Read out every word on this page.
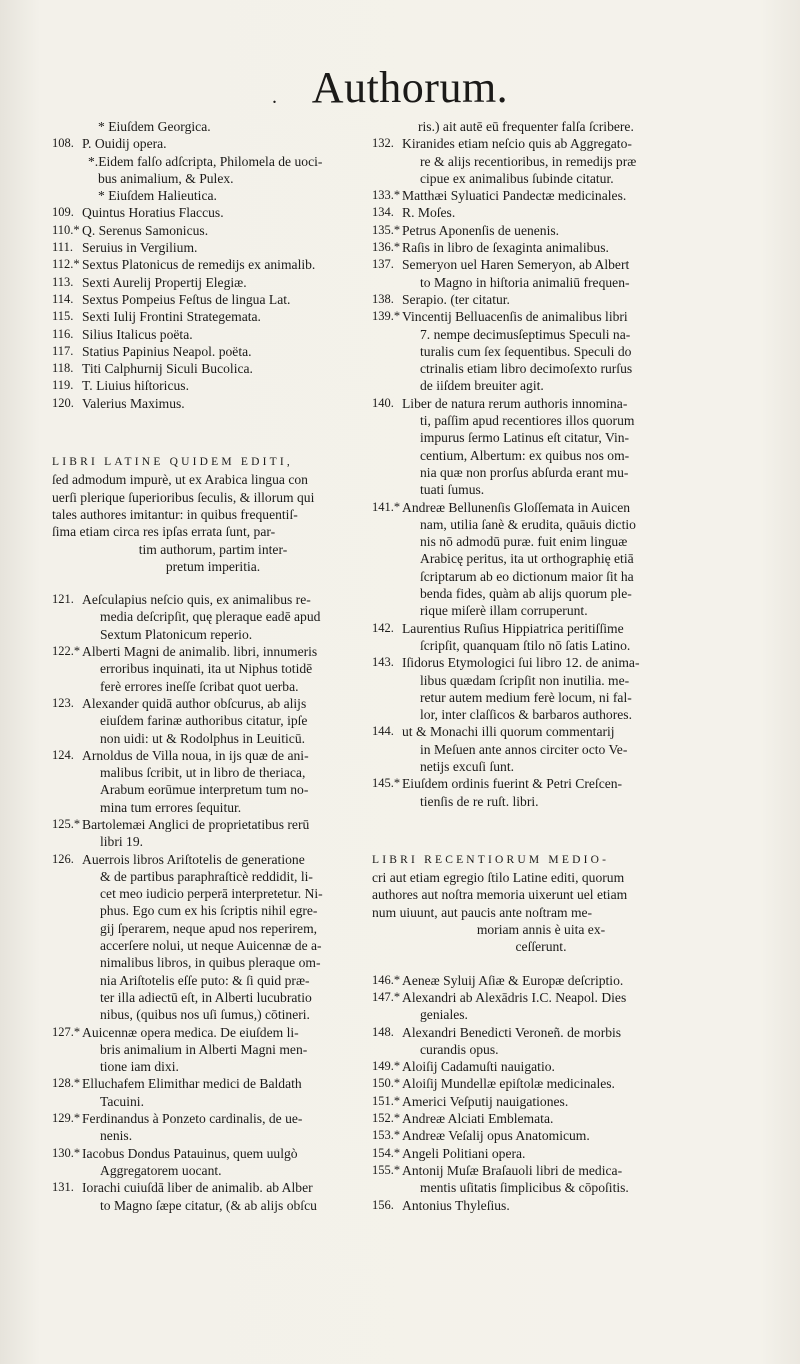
. Authorum.
* Eiuſdem Georgica.
108. P. Ouidij opera.
*.Eidem falſo adſcripta, Philomela de uoci-
bus animalium, & Pulex.
* Eiuſdem Halieutica.
109. Quintus Horatius Flaccus.
110.* Q. Serenus Samonicus.
111. Seruius in Vergilium.
112.* Sextus Platonicus de remedijs ex animalib.
113. Sexti Aurelij Propertij Elegiæ.
114. Sextus Pompeius Feſtus de lingua Lat.
115. Sexti Iulij Frontini Strategemata.
116. Silius Italicus poëta.
117. Statius Papinius Neapol. poëta.
118. Titi Calphurnij Siculi Bucolica.
119. T. Liuius hiſtoricus.
120. Valerius Maximus.
LIBRI LATINE QUIDEM EDITI,
ſed admodum impurè, ut ex Arabica lingua con
uerſi plerique ſuperioribus ſeculis, & illorum qui
tales authores imitantur: in quibus frequentiſ-
ſima etiam circa res ipſas errata ſunt, par-
tim authorum, partim inter-
pretum imperitia.
121. Aeſculapius neſcio quis, ex animalibus re-
media deſcripſit, quę pleraque eadē apud
Sextum Platonicum reperio.
122.* Alberti Magni de animalib. libri, innumeris
erroribus inquinati, ita ut Niphus totidē
ferè errores ineſſe ſcribat quot uerba.
123. Alexander quidā author obſcurus, ab alijs
eiuſdem farinæ authoribus citatur, ipſe
non uidi: ut & Rodolphus in Leuiticū.
124. Arnoldus de Villa noua, in ijs quæ de ani-
malibus ſcribit, ut in libro de theriaca,
Arabum eorūmue interpretum tum no-
mina tum errores ſequitur.
125.* Bartolemæi Anglici de proprietatibus rerū
libri 19.
126. Auerrois libros Ariſtotelis de generatione
& de partibus paraphraſticè reddidit, li-
cet meo iudicio perperā interpretetur. Ni-
phus. Ego cum ex his ſcriptis nihil egre-
gij ſperarem, neque apud nos reperirem,
accerſere nolui, ut neque Auicennæ de a-
nimalibus libros, in quibus pleraque om-
nia Ariſtotelis eſſe puto: & ſi quid præ-
ter illa adiectū eſt, in Alberti lucubratio
nibus, (quibus nos uſi ſumus,) cōtineri.
127.* Auicennæ opera medica. De eiuſdem li-
bris animalium in Alberti Magni men-
tione iam dixi.
128.* Elluchafem Elimithar medici de Baldath
Tacuini.
129.* Ferdinandus à Ponzeto cardinalis, de ue-
nenis.
130.* Iacobus Dondus Patauinus, quem uulgò
Aggregatorem uocant.
131. Iorachi cuiuſdā liber de animalib. ab Alber
to Magno ſæpe citatur, (& ab alijs obſcu
ris.) ait autē eū frequenter falſa ſcribere.
132. Kiranides etiam neſcio quis ab Aggregato-
re & alijs recentioribus, in remedijs præ
cipue ex animalibus ſubinde citatur.
133.* Matthæi Syluatici Pandectæ medicinales.
134. R. Moſes.
135.* Petrus Aponenſis de uenenis.
136.* Raſis in libro de ſexaginta animalibus.
137. Semeryon uel Haren Semeryon, ab Albert
to Magno in hiſtoria animaliū frequen-
138. Serapio. (ter citatur.
139.* Vincentij Belluacenſis de animalibus libri
7. nempe decimusſeptimus Speculi na-
turalis cum ſex ſequentibus. Speculi do
ctrinalis etiam libro decimoſexto rurſus
de iiſdem breuiter agit.
140. Liber de natura rerum authoris innomina-
ti, paſſim apud recentiores illos quorum
impurus ſermo Latinus eſt citatur, Vin-
centium, Albertum: ex quibus nos om-
nia quæ non prorſus abſurda erant mu-
tuati ſumus.
141.* Andreæ Bellunenſis Gloſſemata in Auicen
nam, utilia ſanè & erudita, quāuis dictio
nis nō admodū puræ. fuit enim linguæ
Arabicę peritus, ita ut orthographię etiā
ſcriptarum ab eo dictionum maior ſit ha
benda fides, quàm ab alijs quorum ple-
rique miſerè illam corruperunt.
142. Laurentius Ruſius Hippiatrica peritiſſime
ſcripſit, quanquam ſtilo nō ſatis Latino.
143. Iſidorus Etymologici ſui libro 12. de anima-
libus quædam ſcripſit non inutilia. me-
retur autem medium ferè locum, ni fal-
lor, inter claſſicos & barbaros authores.
144. ut & Monachi illi quorum commentarij
in Meſuen ante annos circiter octo Ve-
netijs excuſi ſunt.
145.* Eiuſdem ordinis fuerint & Petri Creſcen-
tienſis de re ruſt. libri.
LIBRI RECENTIORUM MEDIO-
cri aut etiam egregio ſtilo Latine editi, quorum
authores aut noſtra memoria uixerunt uel etiam
num uiuunt, aut paucis ante noſtram me-
moriam annis è uita ex-
ceſſerunt.
146.* Aeneæ Syluij Aſiæ & Europæ deſcriptio.
147.* Alexandri ab Alexādris I.C. Neapol. Dies
geniales.
148. Alexandri Benedicti Veroneñ. de morbis
curandis opus.
149.* Aloiſij Cadamuſti nauigatio.
150.* Aloiſij Mundellæ epiſtolæ medicinales.
151.* Americi Veſputij nauigationes.
152.* Andreæ Alciati Emblemata.
153.* Andreæ Veſalij opus Anatomicum.
154.* Angeli Politiani opera.
155.* Antonij Muſæ Braſauoli libri de medica-
mentis uſitatis ſimplicibus & cōpoſitis.
156. Antonius Thyleſius.
